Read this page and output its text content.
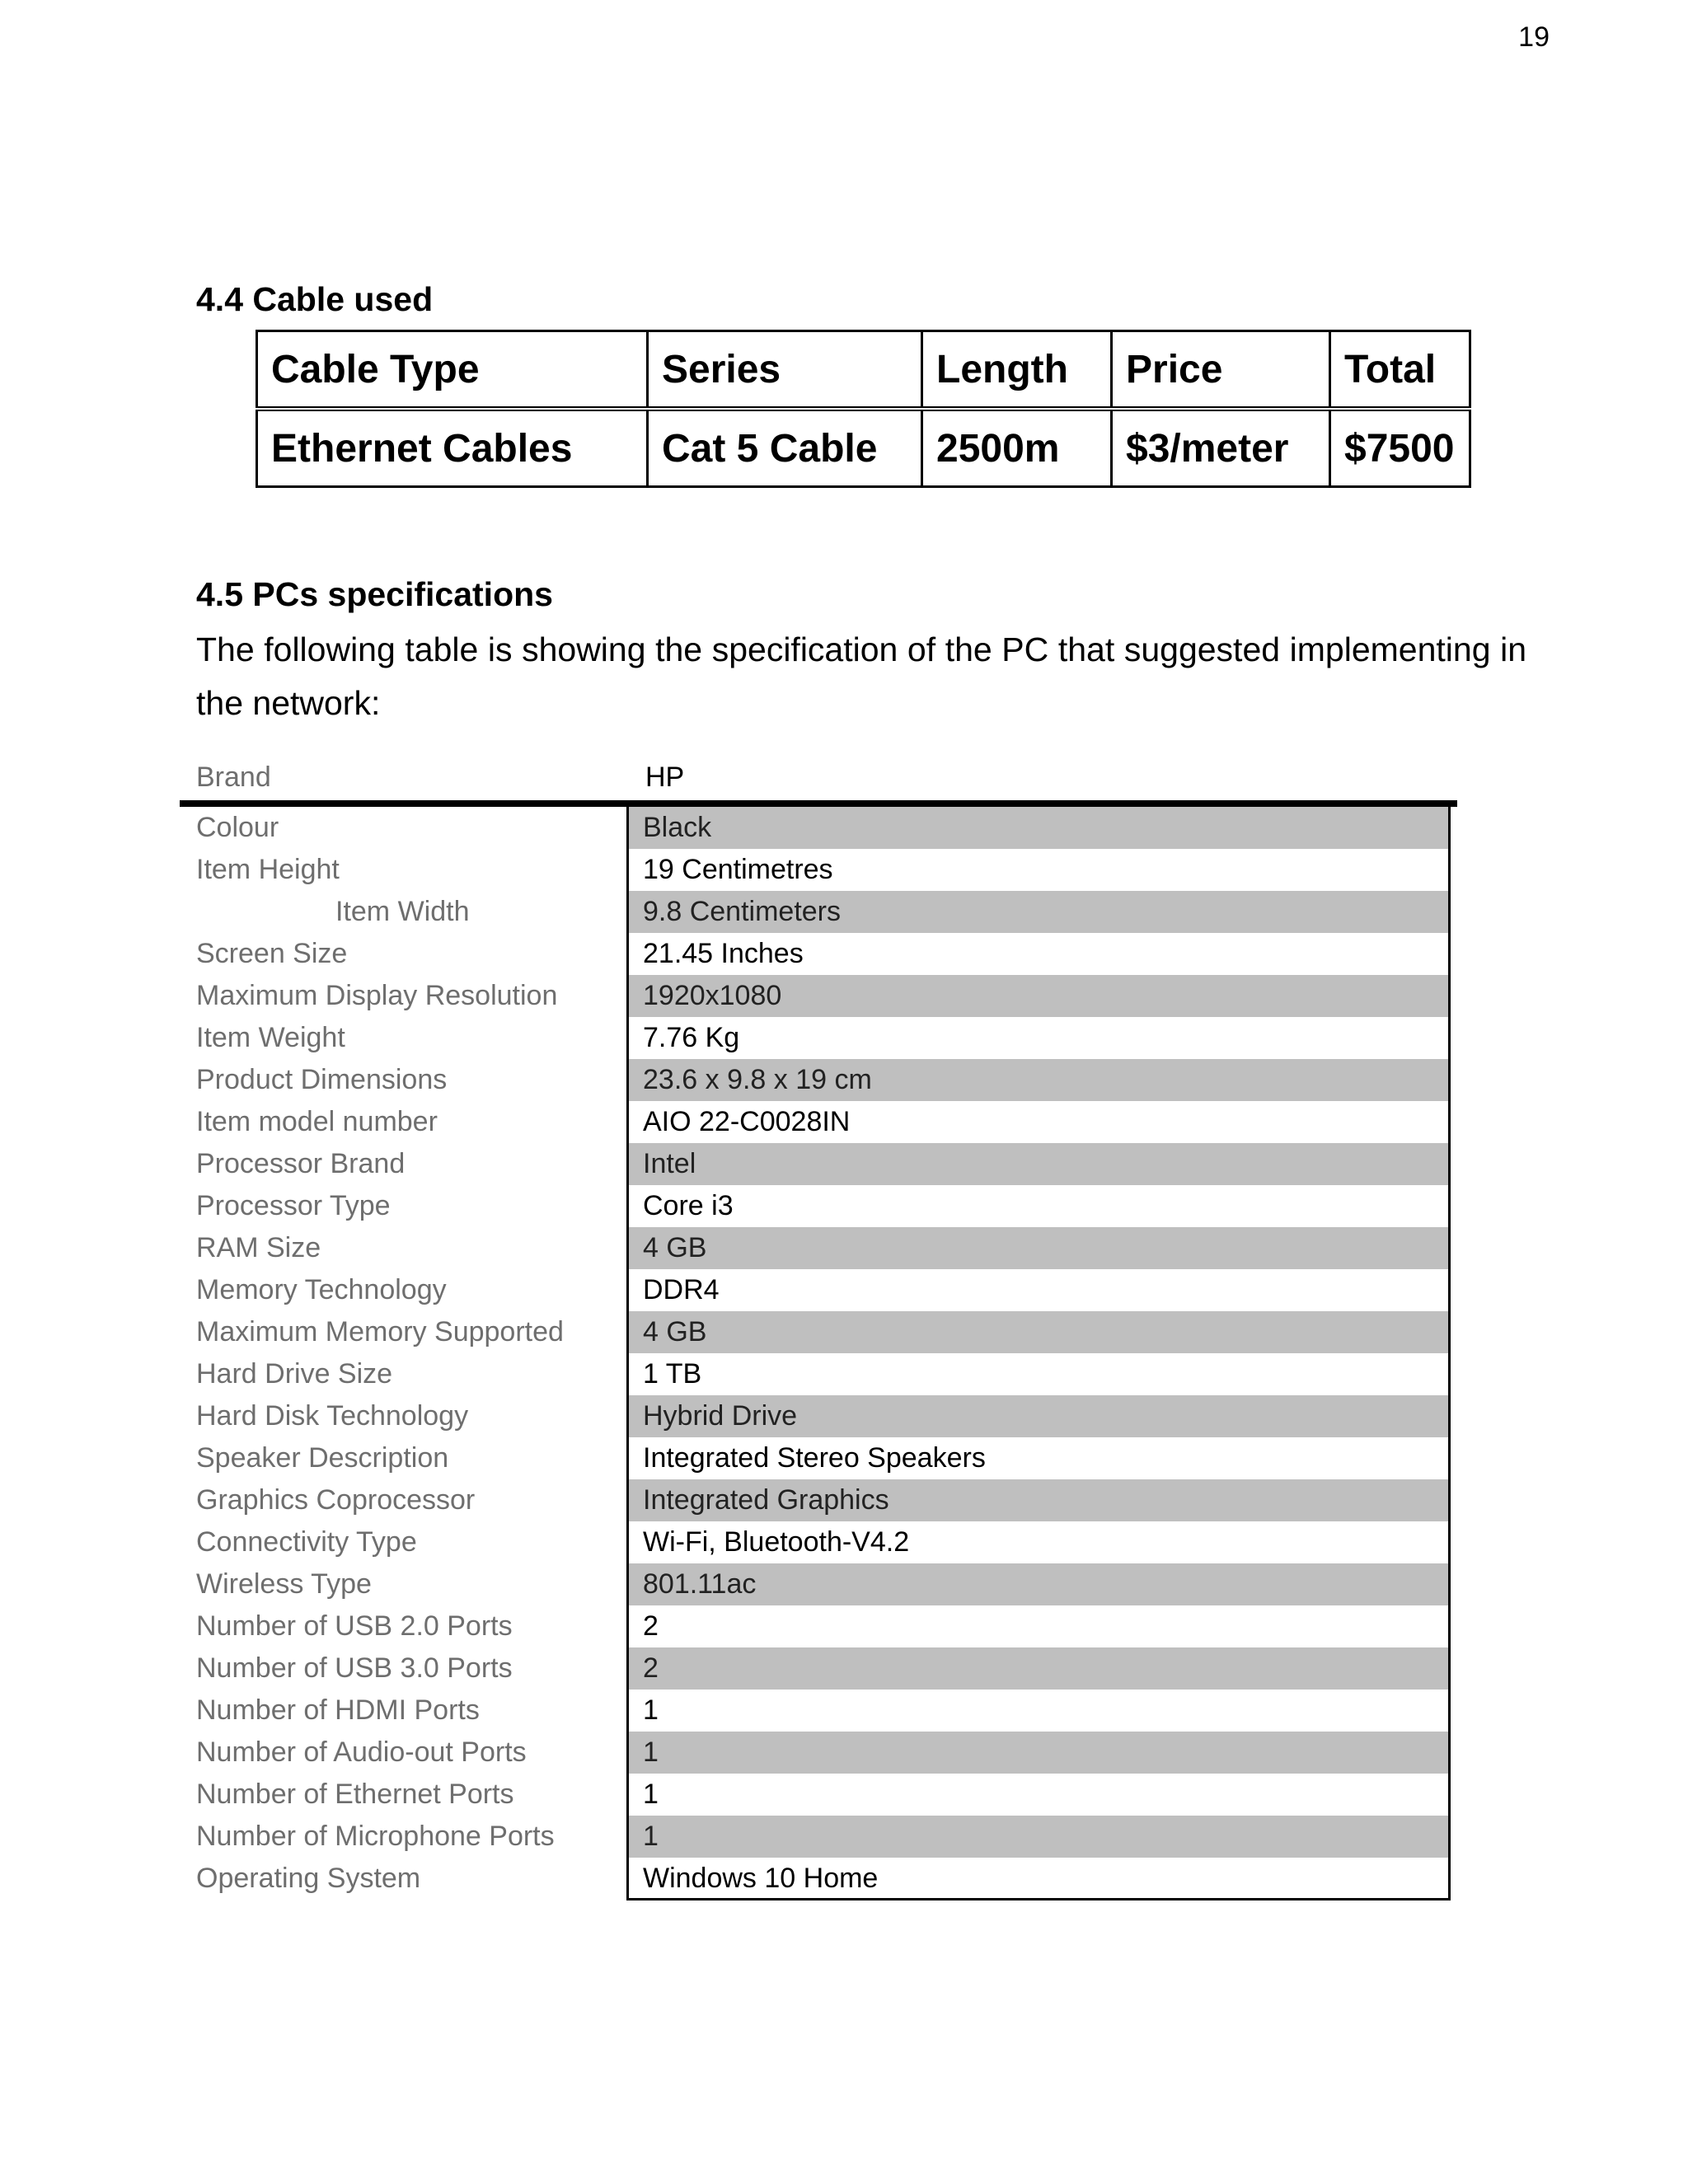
19
4.4 Cable used
Cable Type	Series	Length	Price	Total
Ethernet Cables	Cat 5 Cable	2500m	$3/meter	$7500
4.5 PCs specifications
The following table is showing the specification of the PC that suggested implementing in the network:
Brand	HP
Colour	Black
Item Height	19 Centimetres
Item Width	9.8 Centimeters
Screen Size	21.45 Inches
Maximum Display Resolution	1920x1080
Item Weight	7.76 Kg
Product Dimensions	23.6 x 9.8 x 19 cm
Item model number	AIO 22-C0028IN
Processor Brand	Intel
Processor Type	Core i3
RAM Size	4 GB
Memory Technology	DDR4
Maximum Memory Supported	4 GB
Hard Drive Size	1 TB
Hard Disk Technology	Hybrid Drive
Speaker Description	Integrated Stereo Speakers
Graphics Coprocessor	Integrated Graphics
Connectivity Type	Wi-Fi, Bluetooth-V4.2
Wireless Type	801.11ac
Number of USB 2.0 Ports	2
Number of USB 3.0 Ports	2
Number of HDMI Ports	1
Number of Audio-out Ports	1
Number of Ethernet Ports	1
Number of Microphone Ports	1
Operating System	Windows 10 Home
